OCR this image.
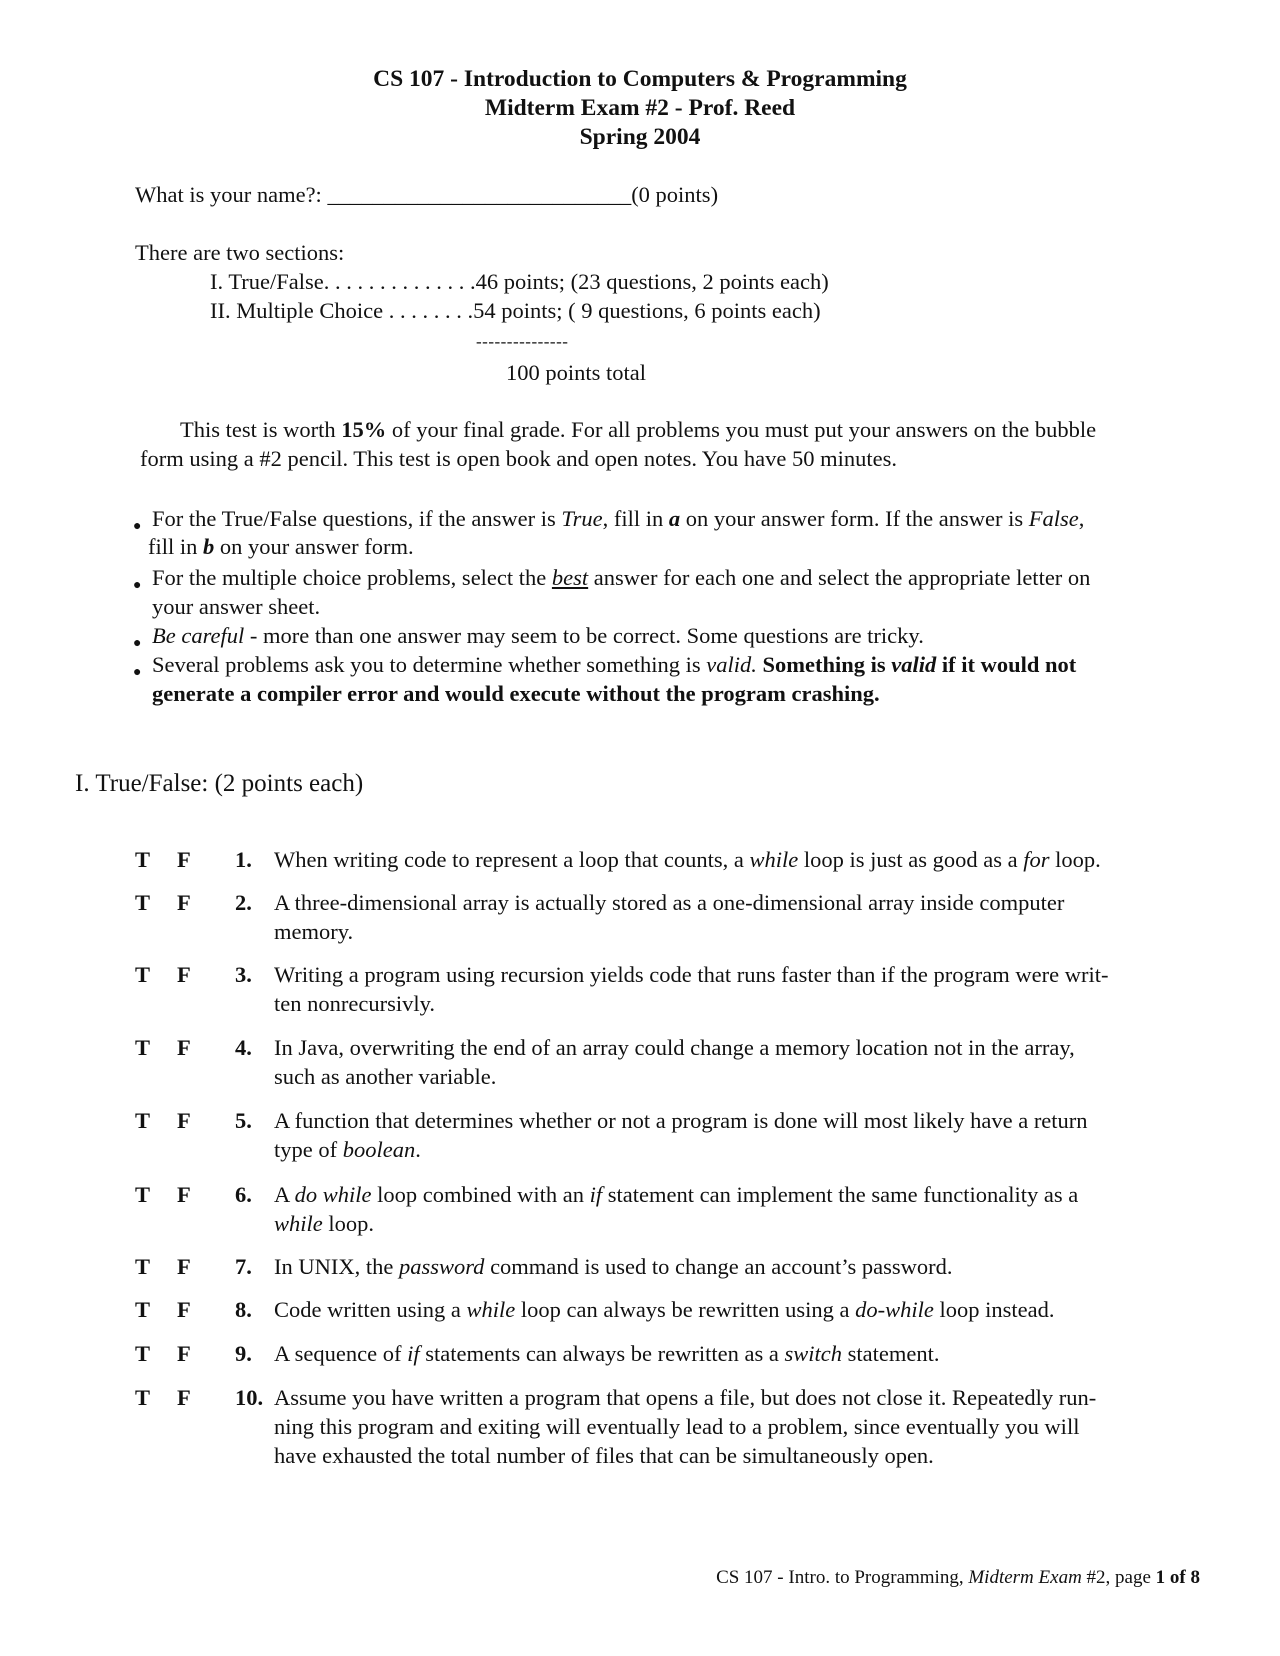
CS 107 - Introduction to Computers & Programming
Midterm Exam #2 - Prof. Reed
Spring 2004
What is your name?: ___________________________(0 points)
There are two sections:
I. True/False. . . . . . . . . . . . . .46 points; (23 questions, 2 points each)
II. Multiple Choice . . . . . . . .54 points; ( 9 questions, 6 points each)
---------------
100 points total
This test is worth 15% of your final grade. For all problems you must put your answers on the bubble
form using a #2 pencil. This test is open book and open notes. You have 50 minutes.
● For the True/False questions, if the answer is True, fill in a on your answer form. If the answer is False,
fill in b on your answer form.
● For the multiple choice problems, select the best answer for each one and select the appropriate letter on
your answer sheet.
● Be careful - more than one answer may seem to be correct. Some questions are tricky.
● Several problems ask you to determine whether something is valid. Something is valid if it would not
generate a compiler error and would execute without the program crashing.
I. True/False: (2 points each)
T F 1. When writing code to represent a loop that counts, a while loop is just as good as a for loop.
T F 2. A three-dimensional array is actually stored as a one-dimensional array inside computer
memory.
T F 3. Writing a program using recursion yields code that runs faster than if the program were writ-
ten nonrecursivly.
T F 4. In Java, overwriting the end of an array could change a memory location not in the array,
such as another variable.
T F 5. A function that determines whether or not a program is done will most likely have a return
type of boolean.
T F 6. A do while loop combined with an if statement can implement the same functionality as a
while loop.
T F 7. In UNIX, the password command is used to change an account’s password.
T F 8. Code written using a while loop can always be rewritten using a do-while loop instead.
T F 9. A sequence of if statements can always be rewritten as a switch statement.
T F 10. Assume you have written a program that opens a file, but does not close it. Repeatedly run-
ning this program and exiting will eventually lead to a problem, since eventually you will
have exhausted the total number of files that can be simultaneously open.
CS 107 - Intro. to Programming, Midterm Exam #2, page 1 of 8
